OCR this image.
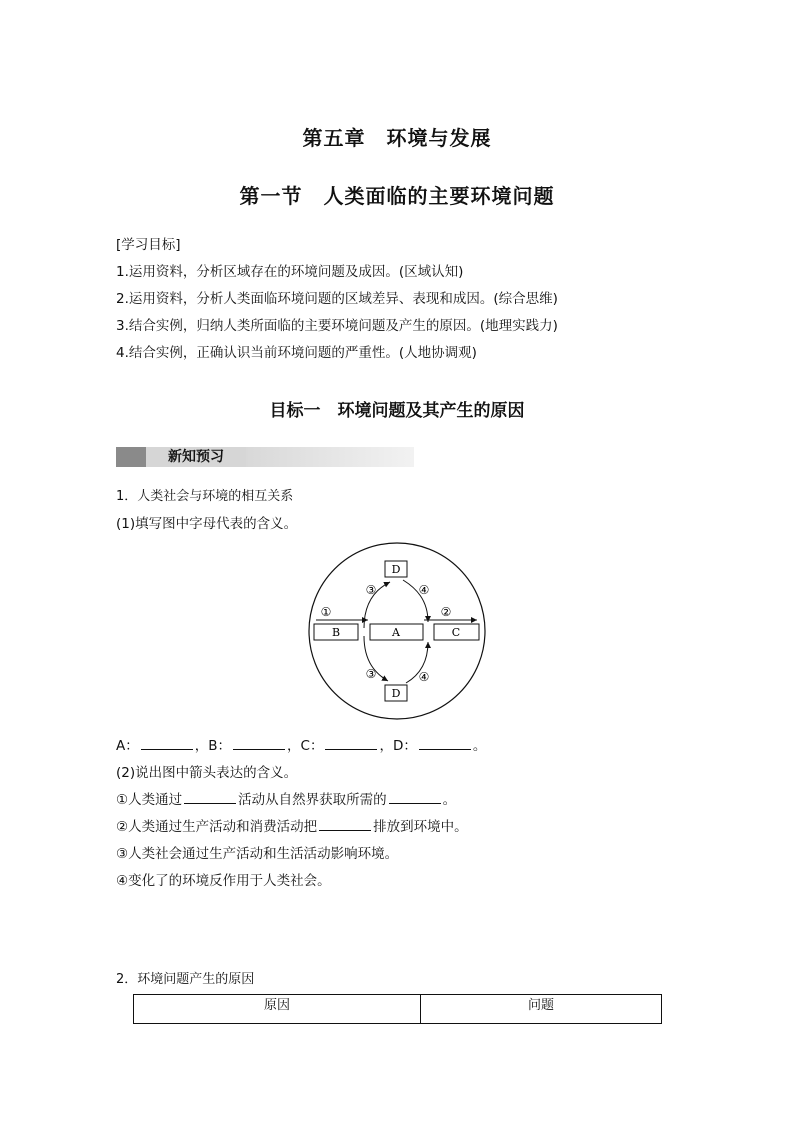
第五章　环境与发展
第一节　人类面临的主要环境问题
[学习目标]
1.运用资料，分析区域存在的环境问题及成因。(区域认知)
2.运用资料，分析人类面临环境问题的区域差异、表现和成因。(综合思维)
3.结合实例，归纳人类所面临的主要环境问题及产生的原因。(地理实践力)
4.结合实例，正确认识当前环境问题的严重性。(人地协调观)
目标一　环境问题及其产生的原因
新知预习
1．人类社会与环境的相互关系
(1)填写图中字母代表的含义。
D
D
A
B	C
①	②
③	④
③	④
A：	，B：	，C：	，D：	。
(2)说出图中箭头表达的含义。
①人类通过	活动从自然界获取所需的	。
②人类通过生产活动和消费活动把	排放到环境中。
③人类社会通过生产活动和生活活动影响环境。
④变化了的环境反作用于人类社会。
2．环境问题产生的原因
原因	问题
